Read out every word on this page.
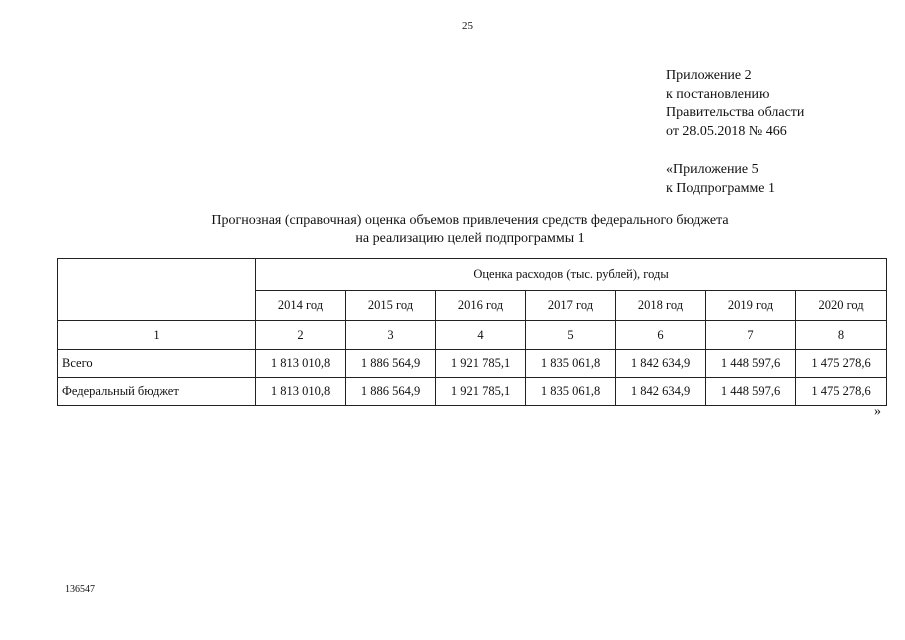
25
Приложение 2
к постановлению
Правительства области
от 28.05.2018 № 466
«Приложение 5
к Подпрограмме 1
Прогнозная (справочная) оценка объемов привлечения средств федерального бюджета
на реализацию целей подпрограммы 1
	Оценка расходов (тыс. рублей), годы						
	2014 год	2015 год	2016 год	2017 год	2018 год	2019 год	2020 год
1	2	3	4	5	6	7	8
Всего	1 813 010,8	1 886 564,9	1 921 785,1	1 835 061,8	1 842 634,9	1 448 597,6	1 475 278,6
Федеральный бюджет	1 813 010,8	1 886 564,9	1 921 785,1	1 835 061,8	1 842 634,9	1 448 597,6	1 475 278,6
»
136547
